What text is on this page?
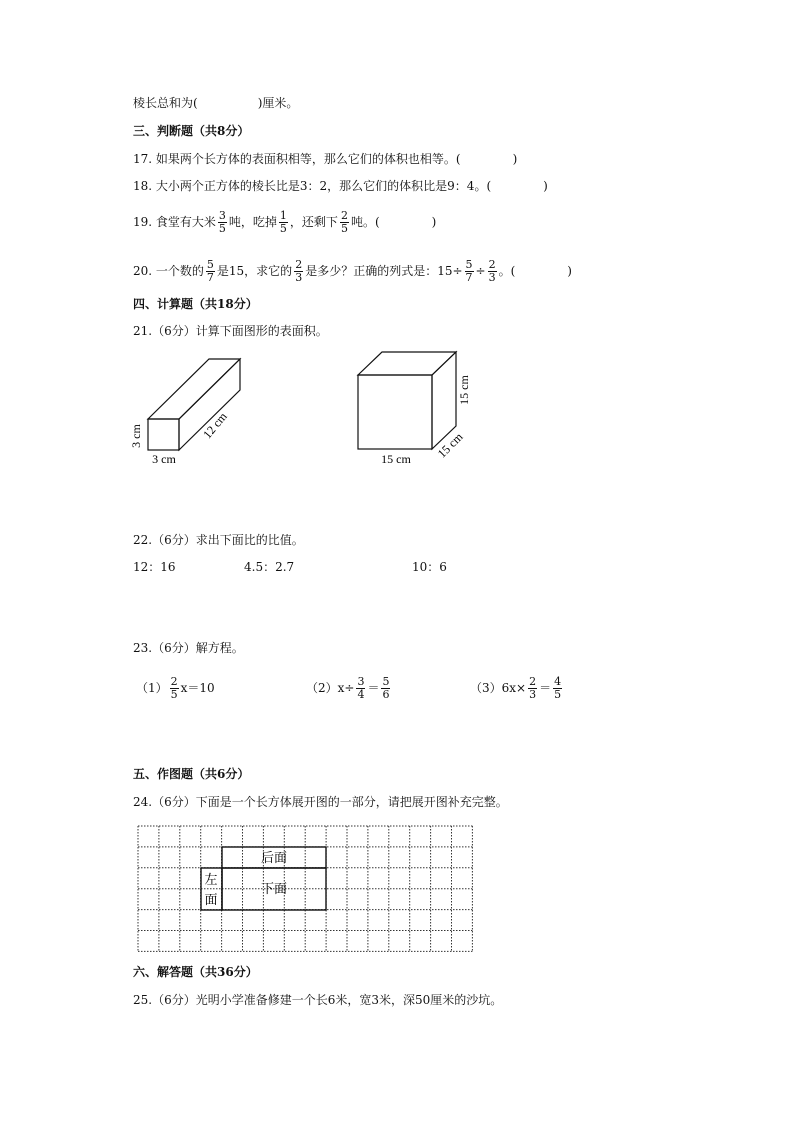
棱长总和为(	)厘米。
三、判断题（共8分）
17. 如果两个长方体的表面积相等，那么它们的体积也相等。(	)
18. 大小两个正方体的棱长比是3：2，那么它们的体积比是9：4。(	)
19. 食堂有大米 $\frac{3}{5}$ 吨，吃掉 $\frac{1}{5}$ ，还剩下 $\frac{2}{5}$ 吨。(	)
20. 一个数的 $\frac{5}{7}$ 是15，求它的 $\frac{2}{3}$ 是多少？正确的列式是：$15\div \frac{5}{7} \div \frac{2}{3}$ 。(	)
四、计算题（共18分）
21.（6分）计算下面图形的表面积。
3 cm
3 cm
12 cm
15 cm
15 cm
15 cm
22.（6分）求出下面比的比值。
12：16	4.5：2.7	10：6
23.（6分）解方程。
$(1) \frac{2}{5} x=10$	$(2)x\div \frac{3}{4} = \frac{5}{6}$	$(3)6x\times \frac{2}{3} = \frac{4}{5}$
五、作图题（共6分）
24.（6分）下面是一个长方体展开图的一部分，请把展开图补充完整。
后面
下面
左
面
六、解答题（共36分）
25.（6分）光明小学准备修建一个长6米，宽3米，深50厘米的沙坑。
